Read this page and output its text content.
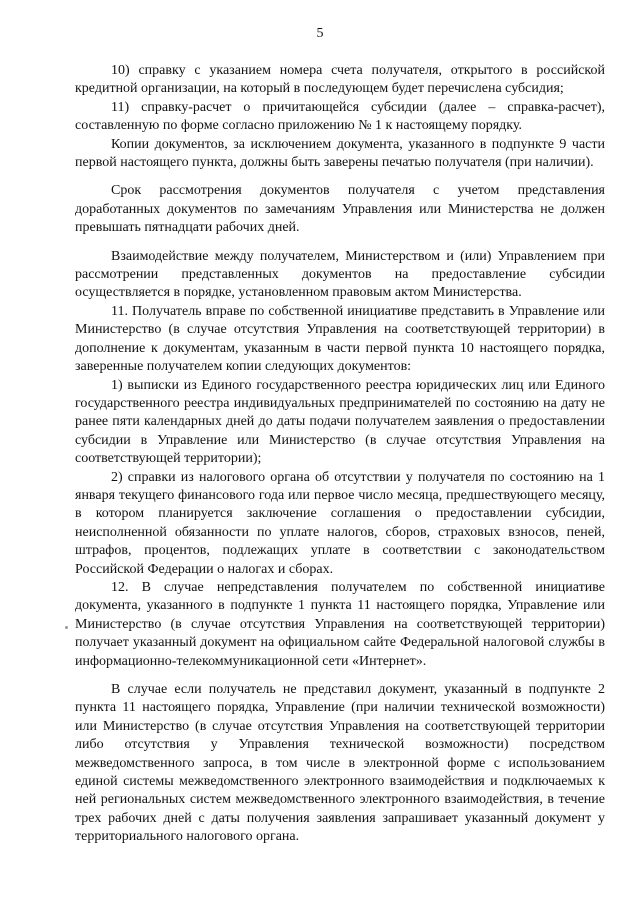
5

10) справку с указанием номера счета получателя, открытого в российской кредитной организации, на который в последующем будет перечислена субсидия;

11) справку-расчет о причитающейся субсидии (далее – справка-расчет), составленную по форме согласно приложению № 1 к настоящему порядку.

Копии документов, за исключением документа, указанного в подпункте 9 части первой настоящего пункта, должны быть заверены печатью получателя (при наличии).

Срок рассмотрения документов получателя с учетом представления доработанных документов по замечаниям Управления или Министерства не должен превышать пятнадцати рабочих дней.

Взаимодействие между получателем, Министерством и (или) Управлением при рассмотрении представленных документов на предоставление субсидии осуществляется в порядке, установленном правовым актом Министерства.

11. Получатель вправе по собственной инициативе представить в Управление или Министерство (в случае отсутствия Управления на соответствующей территории) в дополнение к документам, указанным в части первой пункта 10 настоящего порядка, заверенные получателем копии следующих документов:

1) выписки из Единого государственного реестра юридических лиц или Единого государственного реестра индивидуальных предпринимателей по состоянию на дату не ранее пяти календарных дней до даты подачи получателем заявления о предоставлении субсидии в Управление или Министерство (в случае отсутствия Управления на соответствующей территории);

2) справки из налогового органа об отсутствии у получателя по состоянию на 1 января текущего финансового года или первое число месяца, предшествующего месяцу, в котором планируется заключение соглашения о предоставлении субсидии, неисполненной обязанности по уплате налогов, сборов, страховых взносов, пеней, штрафов, процентов, подлежащих уплате в соответствии с законодательством Российской Федерации о налогах и сборах.

12. В случае непредставления получателем по собственной инициативе документа, указанного в подпункте 1 пункта 11 настоящего порядка, Управление или Министерство (в случае отсутствия Управления на соответствующей территории) получает указанный документ на официальном сайте Федеральной налоговой службы в информационно-телекоммуникационной сети «Интернет».

В случае если получатель не представил документ, указанный в подпункте 2 пункта 11 настоящего порядка, Управление (при наличии технической возможности) или Министерство (в случае отсутствия Управления на соответствующей территории либо отсутствия у Управления технической возможности) посредством межведомственного запроса, в том числе в электронной форме с использованием единой системы межведомственного электронного взаимодействия и подключаемых к ней региональных систем межведомственного электронного взаимодействия, в течение трех рабочих дней с даты получения заявления запрашивает указанный документ у территориального налогового органа.
